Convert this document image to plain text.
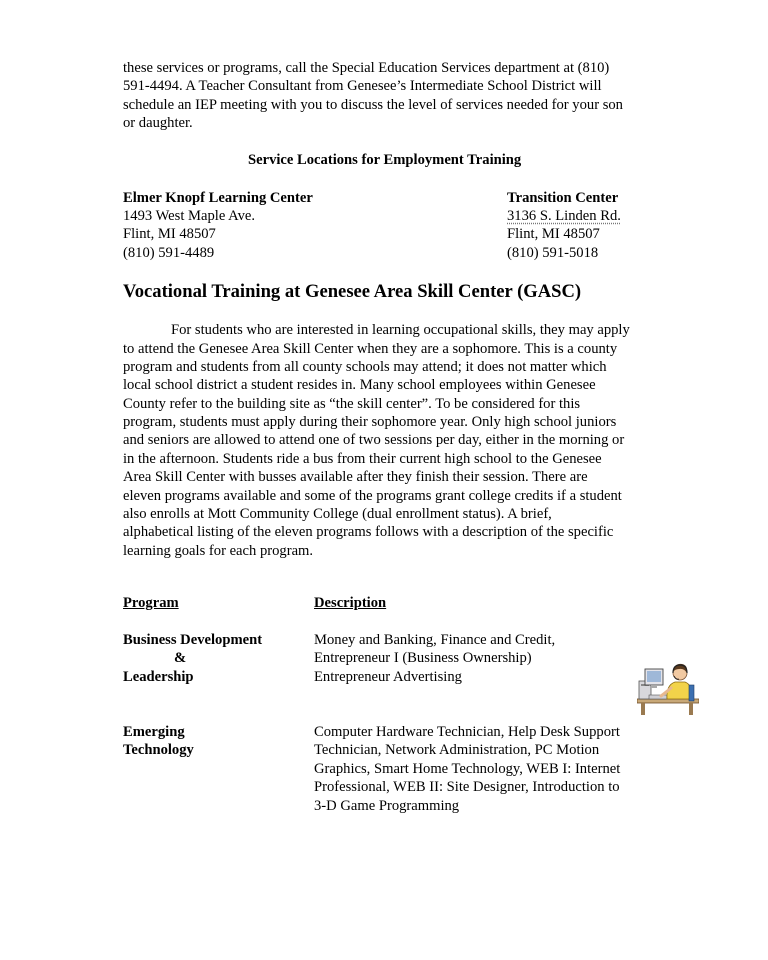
these services or programs, call the Special Education Services department at (810)
591-4494. A Teacher Consultant from Genesee’s Intermediate School District will
schedule an IEP meeting with you to discuss the level of services needed for your son
or daughter.
Service Locations for Employment Training
Elmer Knopf Learning Center
1493 West Maple Ave.
Flint, MI 48507
(810) 591-4489
Transition Center
3136 S. Linden Rd.
Flint, MI 48507
(810) 591-5018
Vocational Training at Genesee Area Skill Center (GASC)
For students who are interested in learning occupational skills, they may apply
to attend the Genesee Area Skill Center when they are a sophomore. This is a county
program and students from all county schools may attend; it does not matter which
local school district a student resides in. Many school employees within Genesee
County refer to the building site as “the skill center”. To be considered for this
program, students must apply during their sophomore year. Only high school juniors
and seniors are allowed to attend one of two sessions per day, either in the morning or
in the afternoon. Students ride a bus from their current high school to the Genesee
Area Skill Center with busses available after they finish their session. There are
eleven programs available and some of the programs grant college credits if a student
also enrolls at Mott Community College (dual enrollment status). A brief,
alphabetical listing of the eleven programs follows with a description of the specific
learning goals for each program.
Program	Description
Business Development
&
Leadership
Money and Banking, Finance and Credit,
Entrepreneur I (Business Ownership)
Entrepreneur Advertising
Emerging
Technology
Computer Hardware Technician, Help Desk Support
Technician, Network Administration, PC Motion
Graphics, Smart Home Technology, WEB I: Internet
Professional, WEB II: Site Designer, Introduction to
3-D Game Programming
